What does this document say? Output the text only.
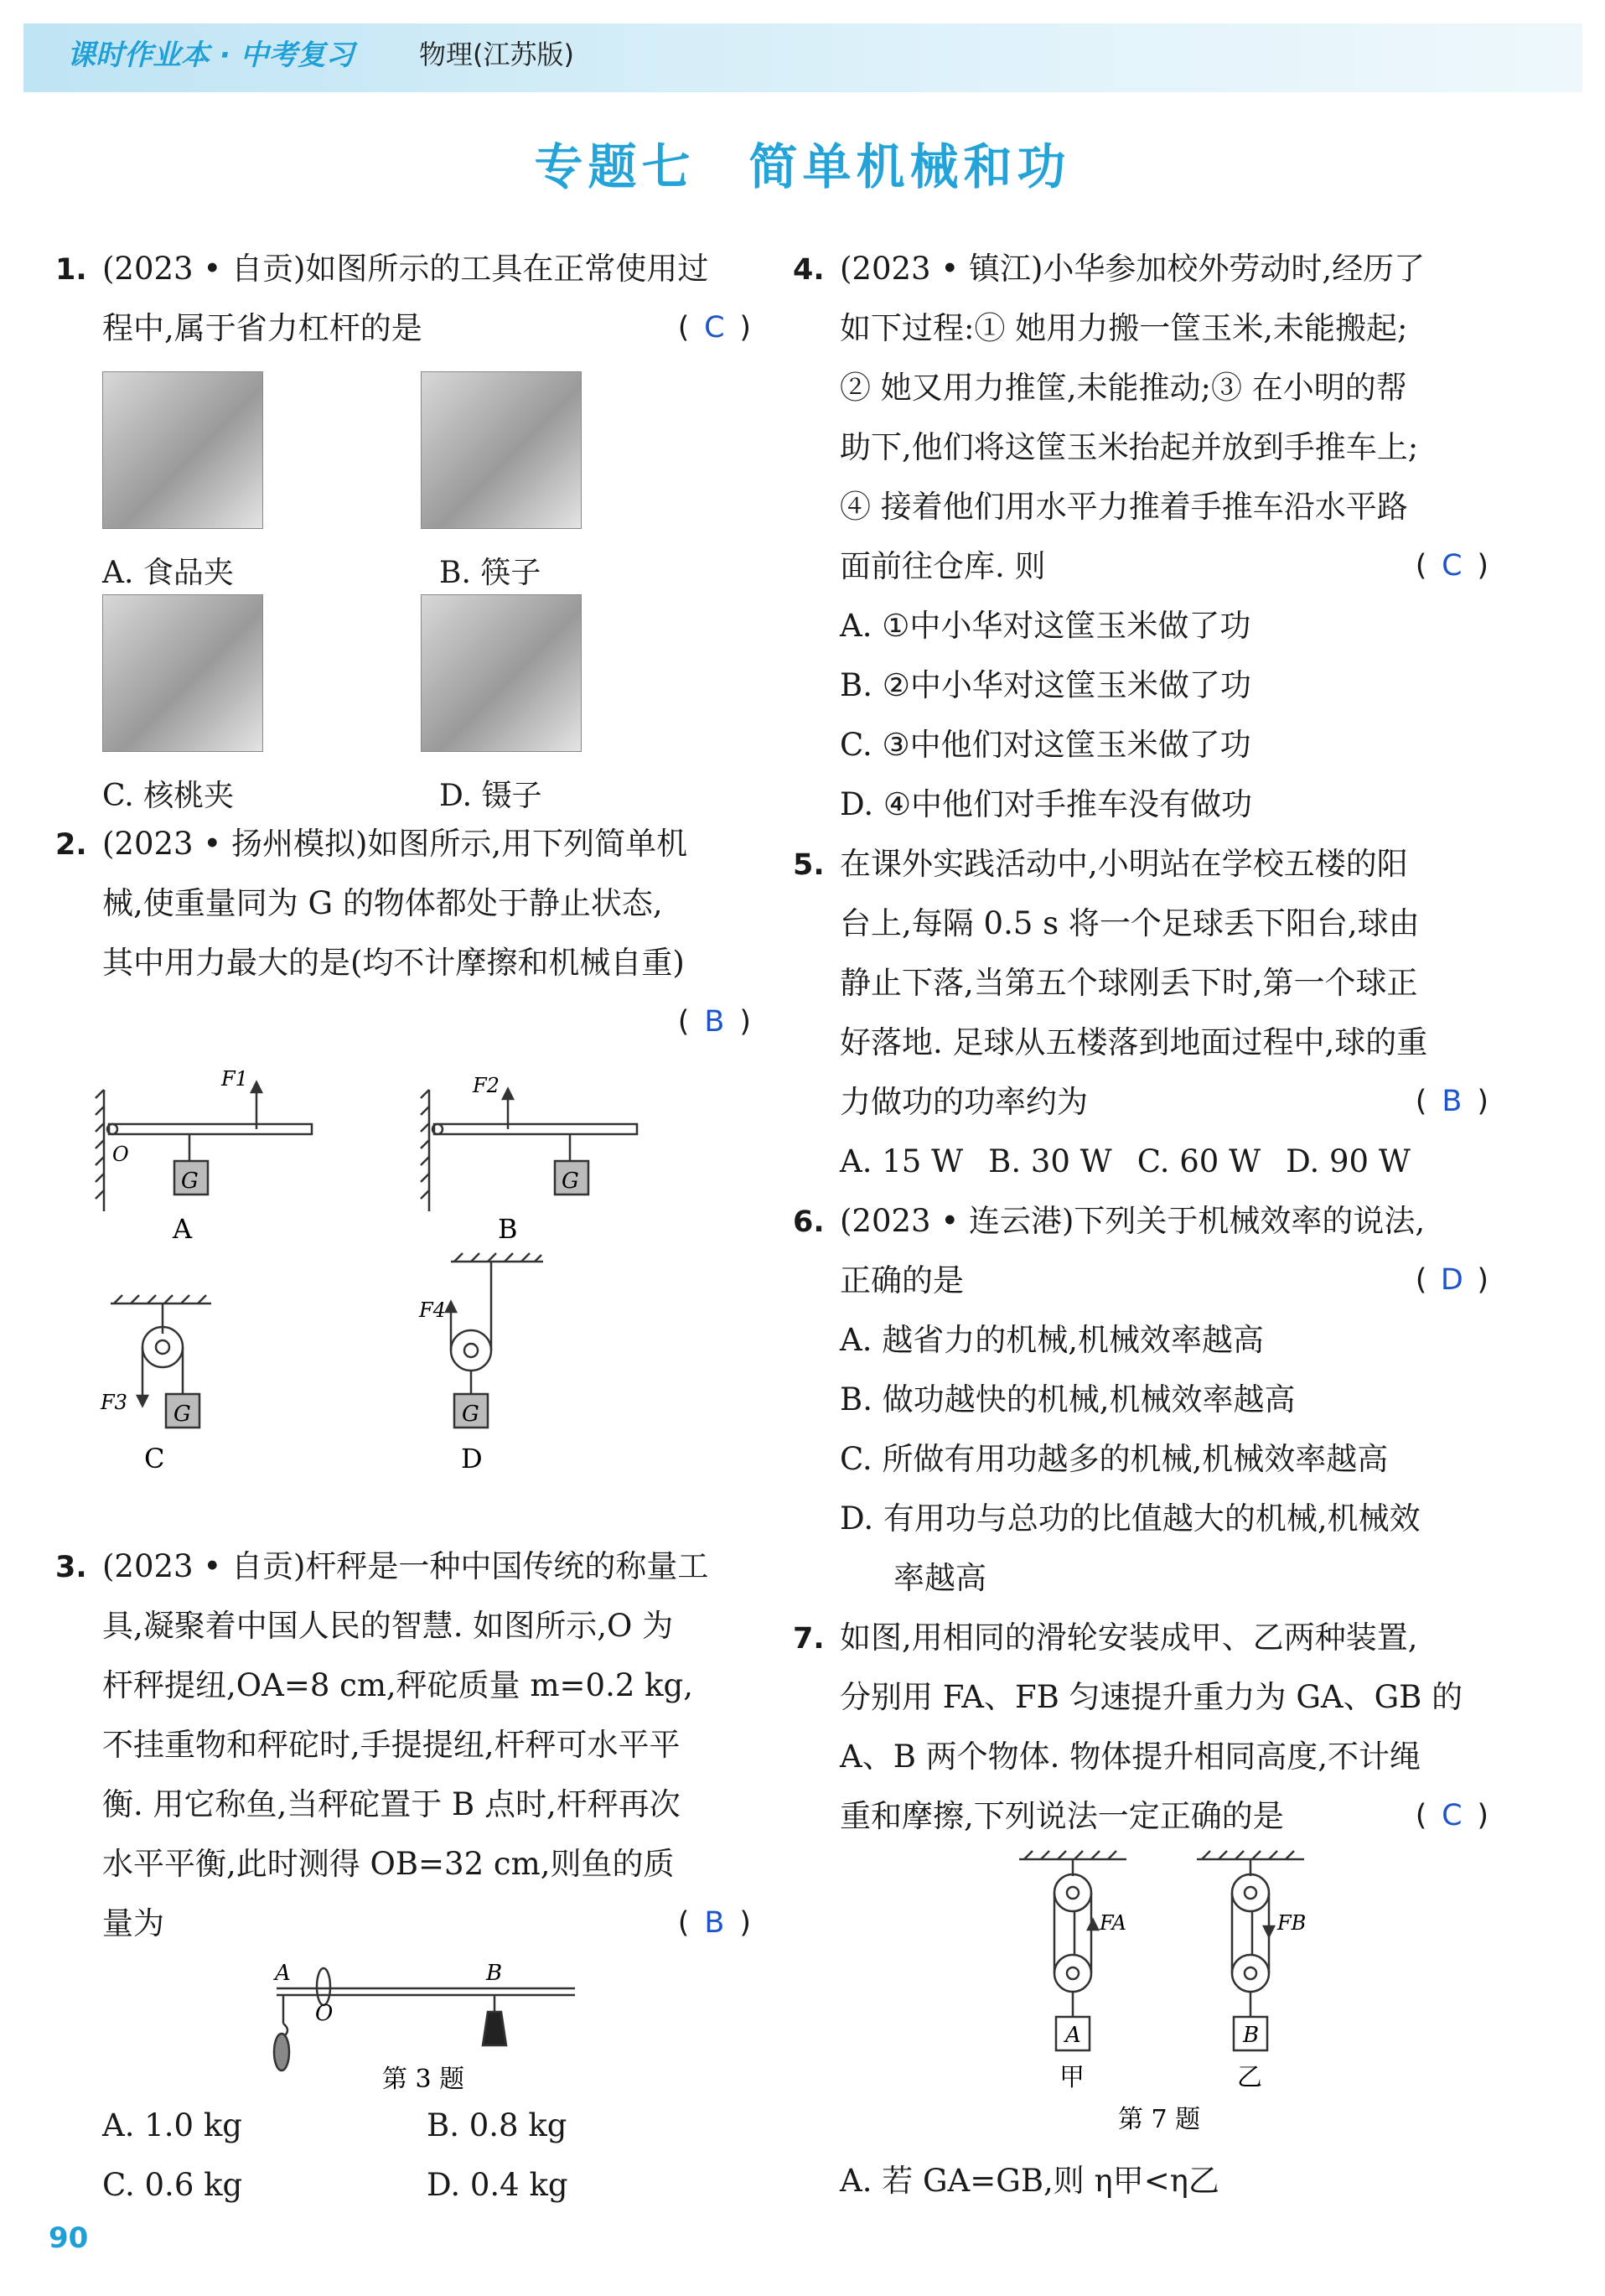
课时作业本 · 中考复习 物理(江苏版)
专题七　简单机械和功
1. (2023 • 自贡)如图所示的工具在正常使用过
程中,属于省力杠杆的是	( C )
A. 食品夹	B. 筷子
C. 核桃夹	D. 镊子
2. (2023 • 扬州模拟)如图所示,用下列简单机
械,使重量同为 G 的物体都处于静止状态,
其中用力最大的是(均不计摩擦和机械自重)
( B )
G
O
F1
A
G
F2
B
G
F3
C
G
F4
D
3. (2023 • 自贡)杆秤是一种中国传统的称量工
具,凝聚着中国人民的智慧. 如图所示,O 为
杆秤提纽,OA=8 cm,秤砣质量 m=0.2 kg,
不挂重物和秤砣时,手提提纽,杆秤可水平平
衡. 用它称鱼,当秤砣置于 B 点时,杆秤再次
水平平衡,此时测得 OB=32 cm,则鱼的质
量为	( B )
A
O
B
第 3 题
A. 1.0 kg	B. 0.8 kg
C. 0.6 kg	D. 0.4 kg
4. (2023 • 镇江)小华参加校外劳动时,经历了
如下过程:① 她用力搬一筐玉米,未能搬起;
② 她又用力推筐,未能推动;③ 在小明的帮
助下,他们将这筐玉米抬起并放到手推车上;
④ 接着他们用水平力推着手推车沿水平路
面前往仓库. 则	( C )
A. ①中小华对这筐玉米做了功
B. ②中小华对这筐玉米做了功
C. ③中他们对这筐玉米做了功
D. ④中他们对手推车没有做功
5. 在课外实践活动中,小明站在学校五楼的阳
台上,每隔 0.5 s 将一个足球丢下阳台,球由
静止下落,当第五个球刚丢下时,第一个球正
好落地. 足球从五楼落到地面过程中,球的重
力做功的功率约为	( B )
A. 15 W B. 30 W C. 60 W D. 90 W
6. (2023 • 连云港)下列关于机械效率的说法,
正确的是	( D )
A. 越省力的机械,机械效率越高
B. 做功越快的机械,机械效率越高
C. 所做有用功越多的机械,机械效率越高
D. 有用功与总功的比值越大的机械,机械效
率越高
7. 如图,用相同的滑轮安装成甲、乙两种装置,
分别用 FA、FB 匀速提升重力为 GA、GB 的
A、B 两个物体. 物体提升相同高度,不计绳
重和摩擦,下列说法一定正确的是	( C )
A
FA
甲
B
FB
乙
第 7 题
A. 若 GA=GB,则 η甲<η乙
90
